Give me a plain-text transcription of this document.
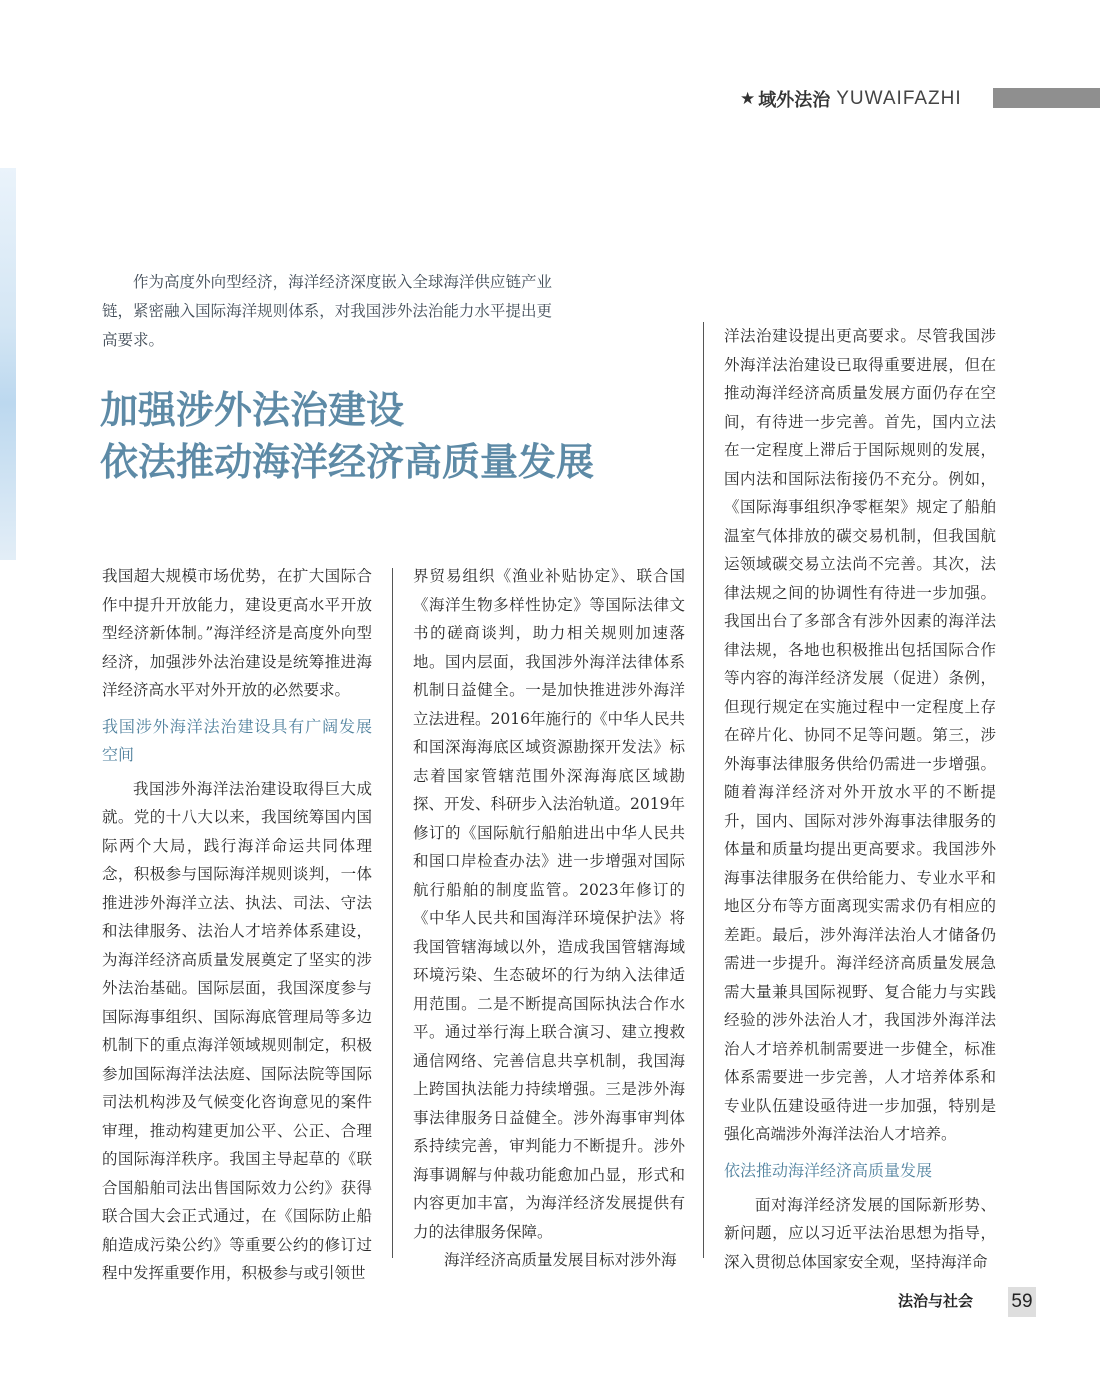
★ 域外法治 YUWAIFAZHI

作为高度外向型经济，海洋经济深度嵌入全球海洋供应链产业链，紧密融入国际海洋规则体系，对我国涉外法治能力水平提出更高要求。

加强涉外法治建设
依法推动海洋经济高质量发展

我国超大规模市场优势，在扩大国际合作中提升开放能力，建设更高水平开放型经济新体制。”海洋经济是高度外向型经济，加强涉外法治建设是统筹推进海洋经济高水平对外开放的必然要求。

我国涉外海洋法治建设具有广阔发展空间

我国涉外海洋法治建设取得巨大成就。党的十八大以来，我国统筹国内国际两个大局，践行海洋命运共同体理念，积极参与国际海洋规则谈判，一体推进涉外海洋立法、执法、司法、守法和法律服务、法治人才培养体系建设，为海洋经济高质量发展奠定了坚实的涉外法治基础。国际层面，我国深度参与国际海事组织、国际海底管理局等多边机制下的重点海洋领域规则制定，积极参加国际海洋法法庭、国际法院等国际司法机构涉及气候变化咨询意见的案件审理，推动构建更加公平、公正、合理的国际海洋秩序。我国主导起草的《联合国船舶司法出售国际效力公约》获得联合国大会正式通过，在《国际防止船舶造成污染公约》等重要公约的修订过程中发挥重要作用，积极参与或引领世

界贸易组织《渔业补贴协定》、联合国《海洋生物多样性协定》等国际法律文书的磋商谈判，助力相关规则加速落地。国内层面，我国涉外海洋法律体系机制日益健全。一是加快推进涉外海洋立法进程。2016年施行的《中华人民共和国深海海底区域资源勘探开发法》标志着国家管辖范围外深海海底区域勘探、开发、科研步入法治轨道。2019年修订的《国际航行船舶进出中华人民共和国口岸检查办法》进一步增强对国际航行船舶的制度监管。2023年修订的《中华人民共和国海洋环境保护法》将我国管辖海域以外，造成我国管辖海域环境污染、生态破坏的行为纳入法律适用范围。二是不断提高国际执法合作水平。通过举行海上联合演习、建立搜救通信网络、完善信息共享机制，我国海上跨国执法能力持续增强。三是涉外海事法律服务日益健全。涉外海事审判体系持续完善，审判能力不断提升。涉外海事调解与仲裁功能愈加凸显，形式和内容更加丰富，为海洋经济发展提供有力的法律服务保障。

海洋经济高质量发展目标对涉外海

洋法治建设提出更高要求。尽管我国涉外海洋法治建设已取得重要进展，但在推动海洋经济高质量发展方面仍存在空间，有待进一步完善。首先，国内立法在一定程度上滞后于国际规则的发展，国内法和国际法衔接仍不充分。例如，《国际海事组织净零框架》规定了船舶温室气体排放的碳交易机制，但我国航运领域碳交易立法尚不完善。其次，法律法规之间的协调性有待进一步加强。我国出台了多部含有涉外因素的海洋法律法规，各地也积极推出包括国际合作等内容的海洋经济发展（促进）条例，但现行规定在实施过程中一定程度上存在碎片化、协同不足等问题。第三，涉外海事法律服务供给仍需进一步增强。随着海洋经济对外开放水平的不断提升，国内、国际对涉外海事法律服务的体量和质量均提出更高要求。我国涉外海事法律服务在供给能力、专业水平和地区分布等方面离现实需求仍有相应的差距。最后，涉外海洋法治人才储备仍需进一步提升。海洋经济高质量发展急需大量兼具国际视野、复合能力与实践经验的涉外法治人才，我国涉外海洋法治人才培养机制需要进一步健全，标准体系需要进一步完善，人才培养体系和专业队伍建设亟待进一步加强，特别是强化高端涉外海洋法治人才培养。

依法推动海洋经济高质量发展

面对海洋经济发展的国际新形势、新问题，应以习近平法治思想为指导，深入贯彻总体国家安全观，坚持海洋命

法治与社会 59
